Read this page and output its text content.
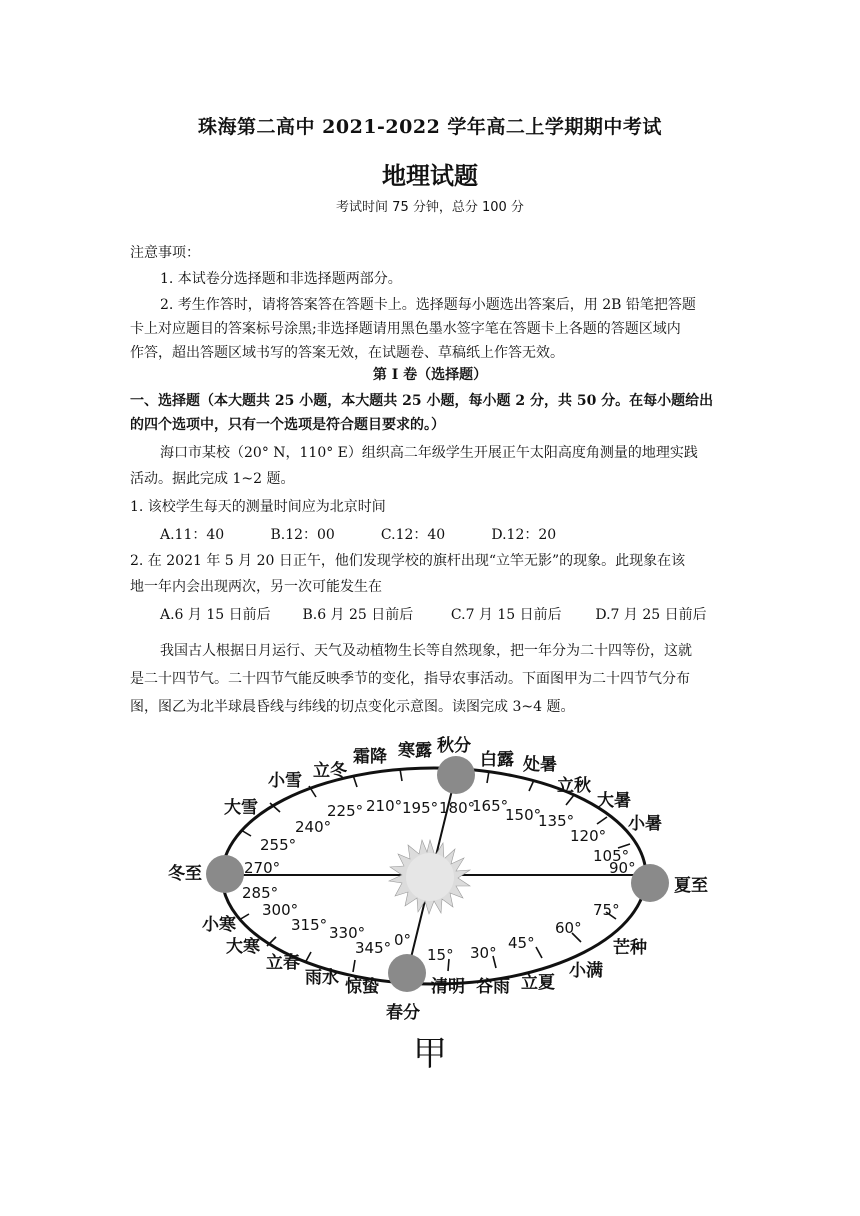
珠海第二高中 2021-2022 学年高二上学期期中考试
地理试题
考试时间 75 分钟，总分 100 分
注意事项：
1. 本试卷分选择题和非选择题两部分。
2. 考生作答时，请将答案答在答题卡上。选择题每小题选出答案后，用 2B 铅笔把答题
卡上对应题目的答案标号涂黑;非选择题请用黑色墨水签字笔在答题卡上各题的答题区域内
作答，超出答题区域书写的答案无效，在试题卷、草稿纸上作答无效。
第 I 卷（选择题）
一、选择题（本大题共 25 小题，本大题共 25 小题，每小题 2 分，共 50 分。在每小题给出
的四个选项中，只有一个选项是符合题目要求的。）
海口市某校（20° N，110° E）组织高二年级学生开展正午太阳高度角测量的地理实践
活动。据此完成 1~2 题。
1. 该校学生每天的测量时间应为北京时间
A.11：40	B.12：00	C.12：40	D.12：20
2. 在 2021 年 5 月 20 日正午，他们发现学校的旗杆出现“立竿无影”的现象。此现象在该
地一年内会出现两次，另一次可能发生在
A.6 月 15 日前后 B.6 月 25 日前后	C.7 月 15 日前后 D.7 月 25 日前后
我国古人根据日月运行、天气及动植物生长等自然现象，把一年分为二十四等份，这就
是二十四节气。二十四节气能反映季节的变化，指导农事活动。下面图甲为二十四节气分布
图，图乙为北半球晨昏线与纬线的切点变化示意图。读图完成 3~4 题。
0°
15° 30°
45°
60°
75°
90°
105°
120°
135°
150°
165°
180°
195°
210°
225°
240°
255°
270°
285°
300°
315° 330°
345°
春分
清明 谷雨 立夏
小满
芒种
夏至
小暑
大暑
立秋
处暑
白露
秋分
寒露
霜降
立冬
小雪
大雪
冬至
小寒
大寒
立春
雨水 惊蛰
甲
